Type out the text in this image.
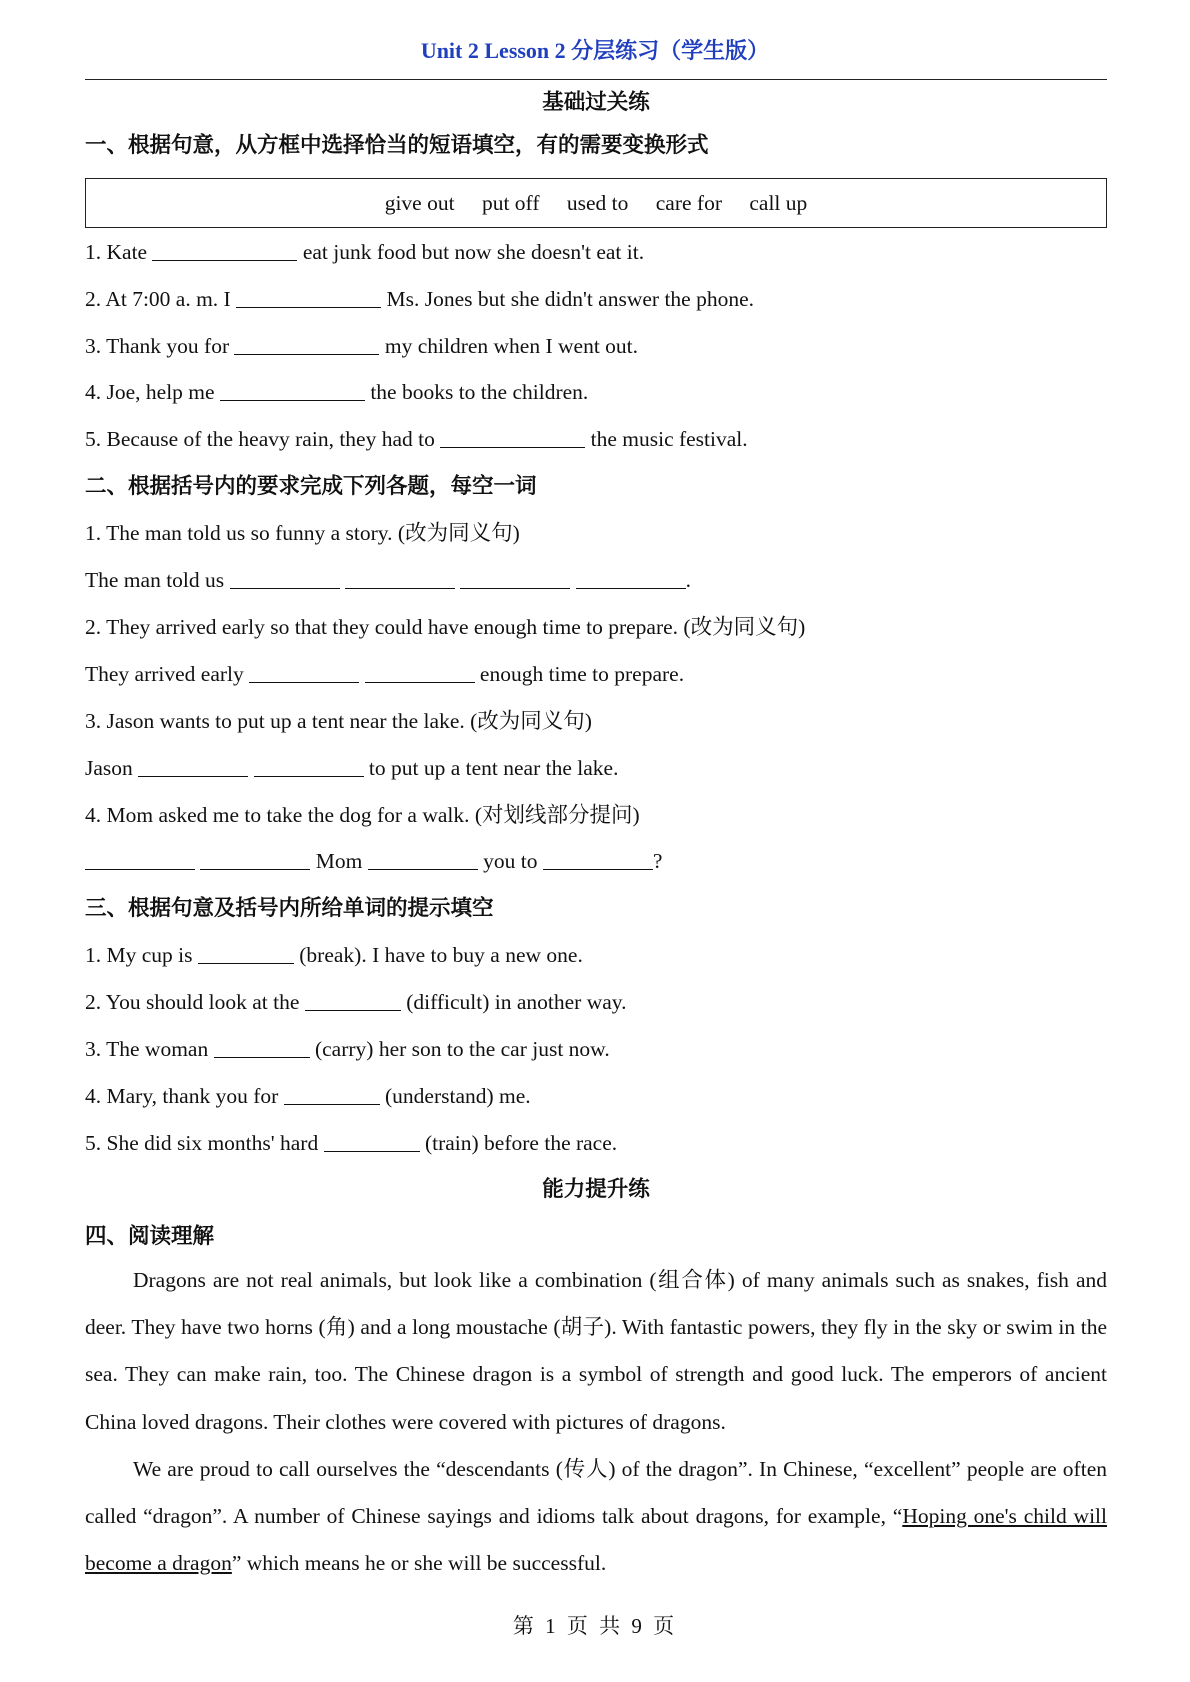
Unit 2 Lesson 2 分层练习（学生版）
基础过关练
一、根据句意，从方框中选择恰当的短语填空，有的需要变换形式
give out put off used to care for call up
1. Kate	eat junk food but now she doesn't eat it.
2. At 7:00 a. m. I	Ms. Jones but she didn't answer the phone.
3. Thank you for	my children when I went out.
4. Joe, help me	the books to the children.
5. Because of the heavy rain, they had to	the music festival.
二、根据括号内的要求完成下列各题，每空一词
1. The man told us so funny a story. (改为同义句)
The man told us	.
2. They arrived early so that they could have enough time to prepare. (改为同义句)
They arrived early	enough time to prepare.
3. Jason wants to put up a tent near the lake. (改为同义句)
Jason	to put up a tent near the lake.
4. Mom asked me to take the dog for a walk. (对划线部分提问)
Mom	you to	?
三、根据句意及括号内所给单词的提示填空
1. My cup is	(break). I have to buy a new one.
2. You should look at the	(difficult) in another way.
3. The woman	(carry) her son to the car just now.
4. Mary, thank you for	(understand) me.
5. She did six months' hard	(train) before the race.
能力提升练
四、阅读理解
Dragons are not real animals, but look like a combination (组合体) of many animals such as snakes, fish and deer. They have two horns (角) and a long moustache (胡子). With fantastic powers, they fly in the sky or swim in the sea. They can make rain, too. The Chinese dragon is a symbol of strength and good luck. The emperors of ancient China loved dragons. Their clothes were covered with pictures of dragons.
We are proud to call ourselves the “descendants (传人) of the dragon”. In Chinese, “excellent” people are often called “dragon”. A number of Chinese sayings and idioms talk about dragons, for example, “Hoping one's child will become a dragon” which means he or she will be successful.
第 1 页 共 9 页
